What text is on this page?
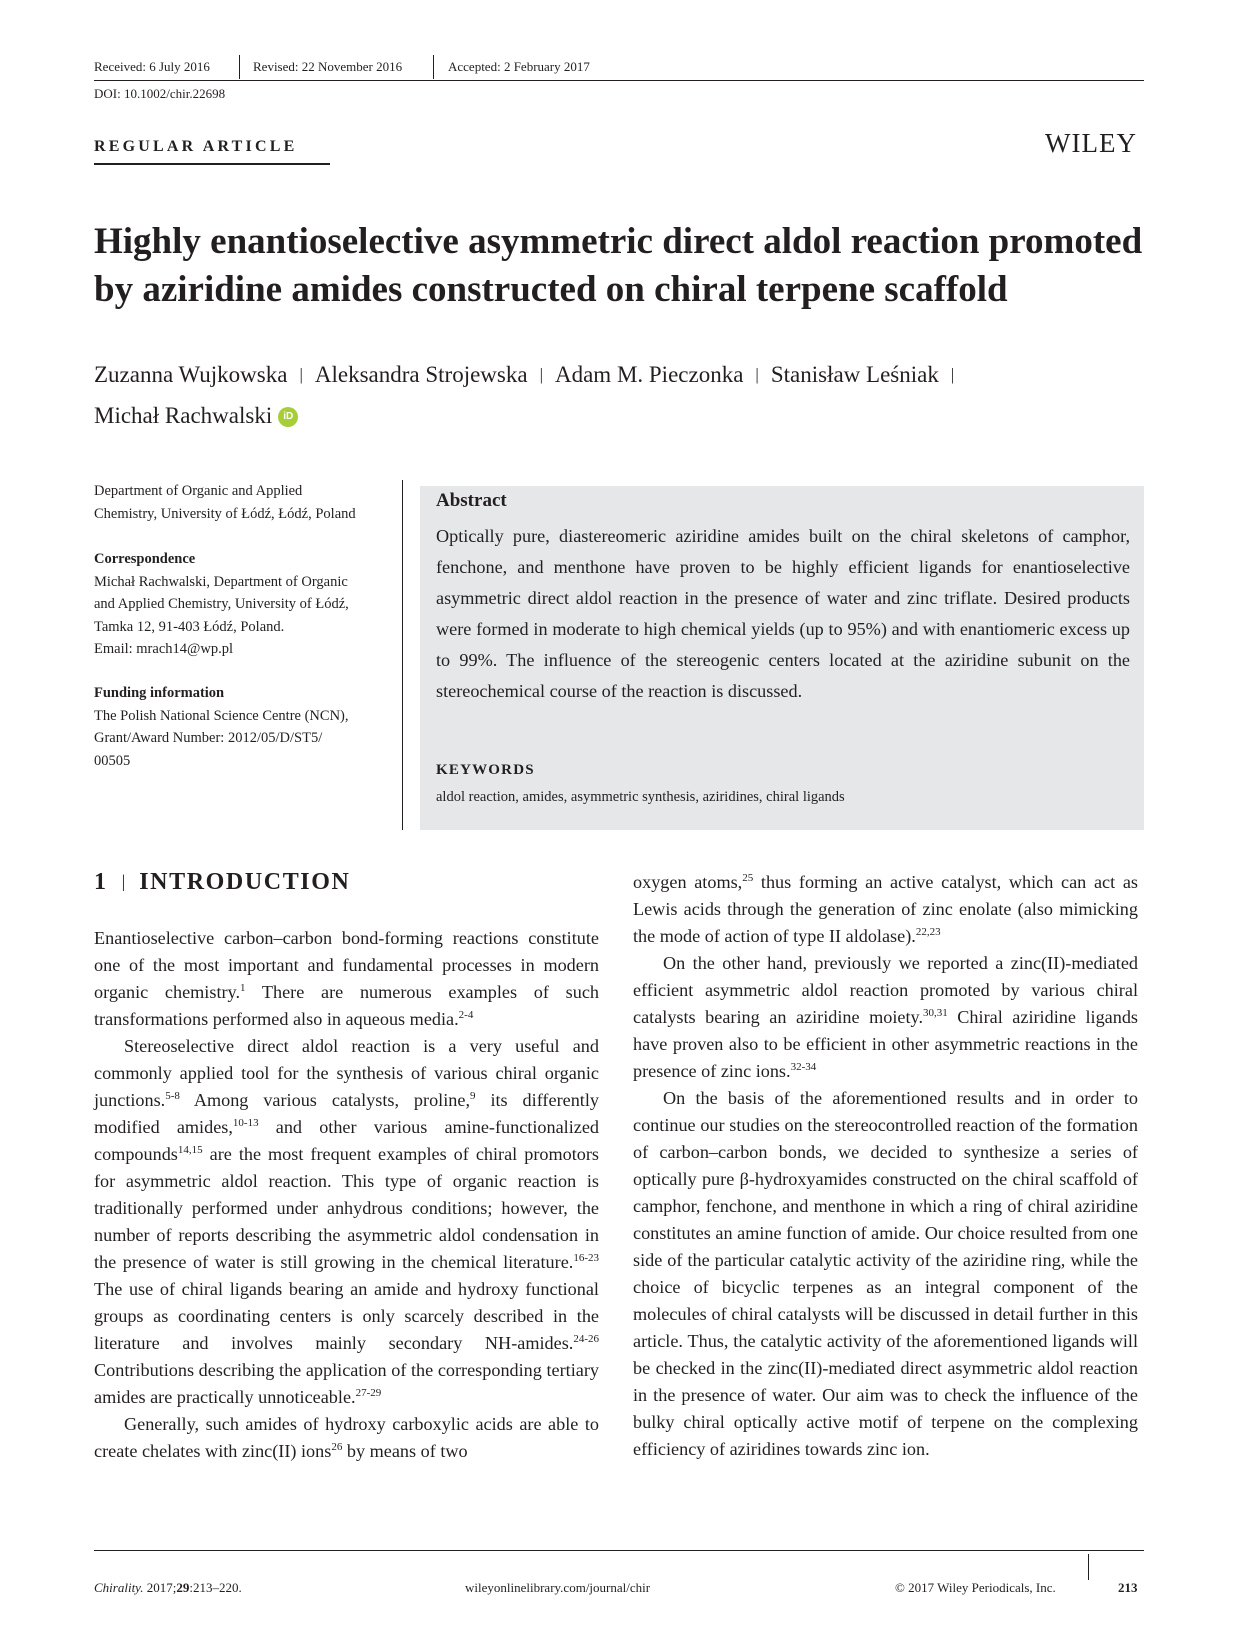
Received: 6 July 2016	Revised: 22 November 2016	Accepted: 2 February 2017
DOI: 10.1002/chir.22698
REGULAR ARTICLE	WILEY
Highly enantioselective asymmetric direct aldol reaction promoted
by aziridine amides constructed on chiral terpene scaffold
Zuzanna Wujkowska | Aleksandra Strojewska | Adam M. Pieczonka | Stanisław Leśniak |
Michał Rachwalski iD

Department of Organic and Applied

Chemistry, University of Łódź, Łódź, Poland

Correspondence

Michał Rachwalski, Department of Organic

and Applied Chemistry, University of Łódź,

Tamka 12, 91-403 Łódź, Poland.

Email: mrach14@wp.pl

Funding information

The Polish National Science Centre (NCN),

Grant/Award Number: 2012/05/D/ST5/

00505

Abstract

Optically pure, diastereomeric aziridine amides built on the chiral skeletons of camphor, fenchone, and menthone have proven to be highly efficient ligands for enantioselective asymmetric direct aldol reaction in the presence of water and zinc triflate. Desired products were formed in moderate to high chemical yields (up to 95%) and with enantiomeric excess up to 99%. The influence of the stereogenic centers located at the aziridine subunit on the stereochemical course of the reaction is discussed.

KEYWORDS
aldol reaction, amides, asymmetric synthesis, aziridines, chiral ligands
1 | INTRODUCTION

Enantioselective carbon–carbon bond-forming reactions constitute one of the most important and fundamental processes in modern organic chemistry.$^1$ There are numerous examples of such transformations performed also in aqueous media.$^{2-4}$

Stereoselective direct aldol reaction is a very useful and commonly applied tool for the synthesis of various chiral organic junctions.$^{5-8}$ Among various catalysts, proline,$^9$ its differently modified amides,$^{10-13}$ and other various amine-functionalized compounds$^{14,15}$ are the most frequent examples of chiral promotors for asymmetric aldol reaction. This type of organic reaction is traditionally performed under anhydrous conditions; however, the number of reports describing the asymmetric aldol condensation in the presence of water is still growing in the chemical literature.$^{16-23}$ The use of chiral ligands bearing an amide and hydroxy functional groups as coordinating centers is only scarcely described in the literature and involves mainly secondary NH-amides.$^{24-26}$ Contributions describing the application of the corresponding tertiary amides are practically unnoticeable.$^{27-29}$

Generally, such amides of hydroxy carboxylic acids are able to create chelates with zinc(II) ions$^{26}$ by means of two

oxygen atoms,$^{25}$ thus forming an active catalyst, which can act as Lewis acids through the generation of zinc enolate (also mimicking the mode of action of type II aldolase).$^{22,23}$

On the other hand, previously we reported a zinc(II)-mediated efficient asymmetric aldol reaction promoted by various chiral catalysts bearing an aziridine moiety.$^{30,31}$ Chiral aziridine ligands have proven also to be efficient in other asymmetric reactions in the presence of zinc ions.$^{32-34}$

On the basis of the aforementioned results and in order to continue our studies on the stereocontrolled reaction of the formation of carbon–carbon bonds, we decided to synthesize a series of optically pure β-hydroxyamides constructed on the chiral scaffold of camphor, fenchone, and menthone in which a ring of chiral aziridine constitutes an amine function of amide. Our choice resulted from one side of the particular catalytic activity of the aziridine ring, while the choice of bicyclic terpenes as an integral component of the molecules of chiral catalysts will be discussed in detail further in this article. Thus, the catalytic activity of the aforementioned ligands will be checked in the zinc(II)-mediated direct asymmetric aldol reaction in the presence of water. Our aim was to check the influence of the bulky chiral optically active motif of terpene on the complexing efficiency of aziridines towards zinc ion.

Chirality. 2017;29:213–220.	wileyonlinelibrary.com/journal/chir	© 2017 Wiley Periodicals, Inc.	213
